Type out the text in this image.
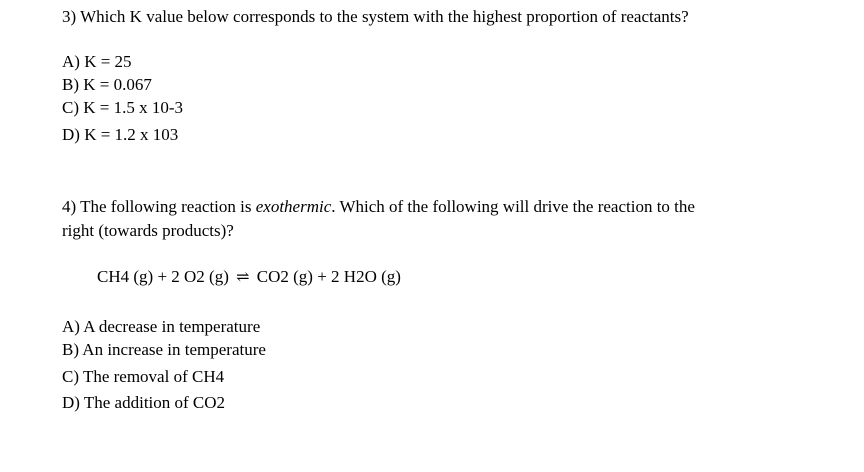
3) Which K value below corresponds to the system with the highest proportion of reactants?
A) K = 25
B) K = 0.067
C) K = 1.5 x 10-3
D) K = 1.2 x 103
4) The following reaction is exothermic. Which of the following will drive the reaction to the
right (towards products)?
CH4 (g) + 2 O2 (g) ⇌ CO2 (g) + 2 H2O (g)
A) A decrease in temperature
B) An increase in temperature
C) The removal of CH4
D) The addition of CO2
